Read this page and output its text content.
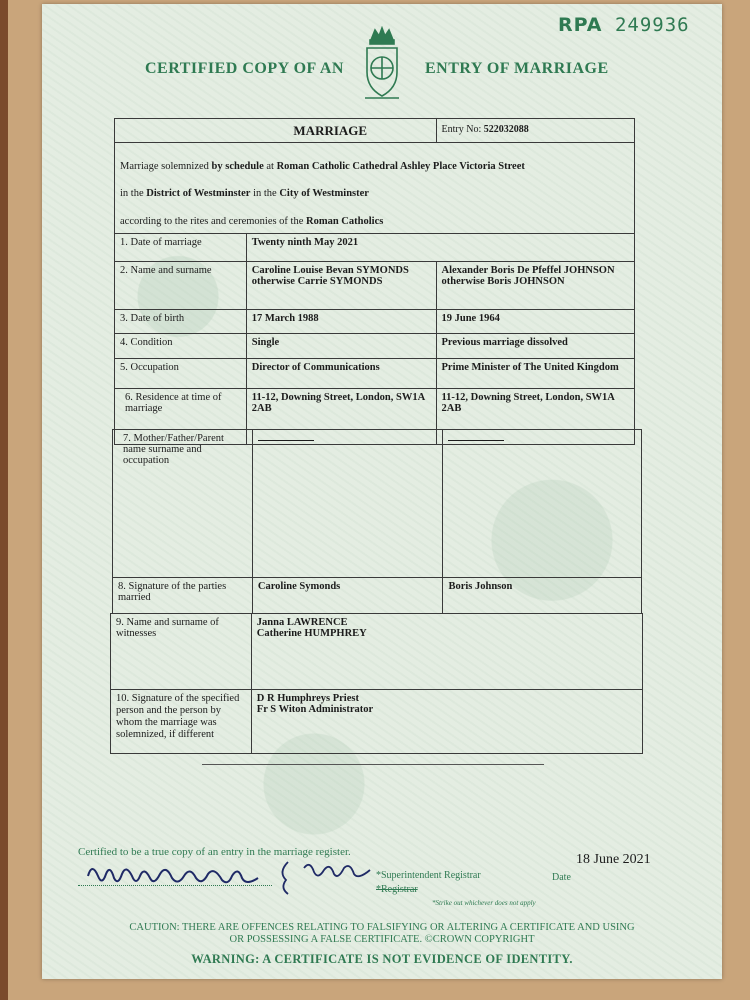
RPA 249936
CERTIFIED COPY OF AN	ENTRY OF MARRIAGE
MARRIAGE		Entry No: 522032088

Marriage solemnized by schedule at Roman Catholic Cathedral Ashley Place Victoria Street
in the District of Westminster in the City of Westminster
according to the rites and ceremonies of the Roman Catholics		

1. Date of marriage	Twenty ninth May 2021	
2. Name and surname	Caroline Louise Bevan SYMONDS otherwise Carrie SYMONDS	Alexander Boris De Pfeffel JOHNSON otherwise Boris JOHNSON
3. Date of birth	17 March 1988	19 June 1964
4. Condition	Single	Previous marriage dissolved
5. Occupation	Director of Communications	Prime Minister of The United Kingdom
6. Residence at time of marriage	11-12, Downing Street, London, SW1A 2AB	11-12, Downing Street, London, SW1A 2AB
7. Mother/Father/Parent name surname and occupation		
8. Signature of the parties married	Caroline Symonds	Boris Johnson
9. Name and surname of witnesses	Janna LAWRENCE
Catherine HUMPHREY

10. Signature of the specified person and the person by whom the marriage was solemnized, if different	D R Humphreys Priest
Fr S Witon Administrator
Certified to be a true copy of an entry in the marriage register.
*Superintendent Registrar
*Registrar
*Strike out whichever does not apply
18 June 2021
Date
CAUTION: THERE ARE OFFENCES RELATING TO FALSIFYING OR ALTERING A CERTIFICATE AND USING
OR POSSESSING A FALSE CERTIFICATE. ©CROWN COPYRIGHT
WARNING: A CERTIFICATE IS NOT EVIDENCE OF IDENTITY.
